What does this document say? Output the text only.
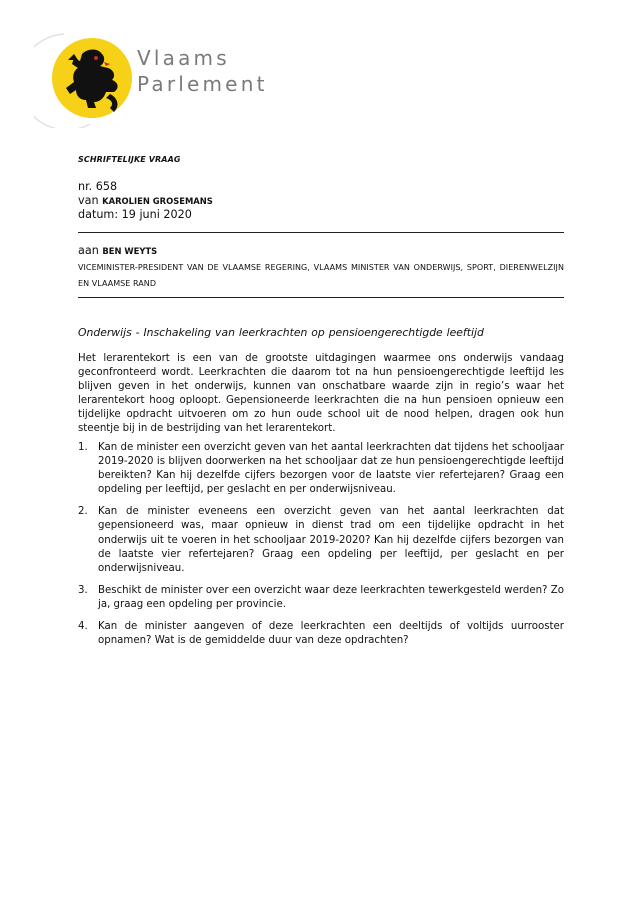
Vlaams
Parlement
SCHRIFTELIJKE VRAAG
nr. 658
van KAROLIEN GROSEMANS
datum: 19 juni 2020
aan BEN WEYTS
VICEMINISTER-PRESIDENT VAN DE VLAAMSE REGERING, VLAAMS MINISTER VAN ONDERWIJS, SPORT, DIERENWELZIJN EN VLAAMSE RAND
Onderwijs - Inschakeling van leerkrachten op pensioengerechtigde leeftijd
Het lerarentekort is een van de grootste uitdagingen waarmee ons onderwijs vandaag geconfronteerd wordt. Leerkrachten die daarom tot na hun pensioengerechtigde leeftijd les blijven geven in het onderwijs, kunnen van onschatbare waarde zijn in regio’s waar het lerarentekort hoog oploopt. Gepensioneerde leerkrachten die na hun pensioen opnieuw een tijdelijke opdracht uitvoeren om zo hun oude school uit de nood helpen, dragen ook hun steentje bij in de bestrijding van het lerarentekort.
1. Kan de minister een overzicht geven van het aantal leerkrachten dat tijdens het schooljaar 2019-2020 is blijven doorwerken na het schooljaar dat ze hun pensioengerechtigde leeftijd bereikten? Kan hij dezelfde cijfers bezorgen voor de laatste vier refertejaren? Graag een opdeling per leeftijd, per geslacht en per onderwijsniveau.
2. Kan de minister eveneens een overzicht geven van het aantal leerkrachten dat gepensioneerd was, maar opnieuw in dienst trad om een tijdelijke opdracht in het onderwijs uit te voeren in het schooljaar 2019-2020? Kan hij dezelfde cijfers bezorgen van de laatste vier refertejaren? Graag een opdeling per leeftijd, per geslacht en per onderwijsniveau.
3. Beschikt de minister over een overzicht waar deze leerkrachten tewerkgesteld werden? Zo ja, graag een opdeling per provincie.
4. Kan de minister aangeven of deze leerkrachten een deeltijds of voltijds uurrooster opnamen? Wat is de gemiddelde duur van deze opdrachten?
